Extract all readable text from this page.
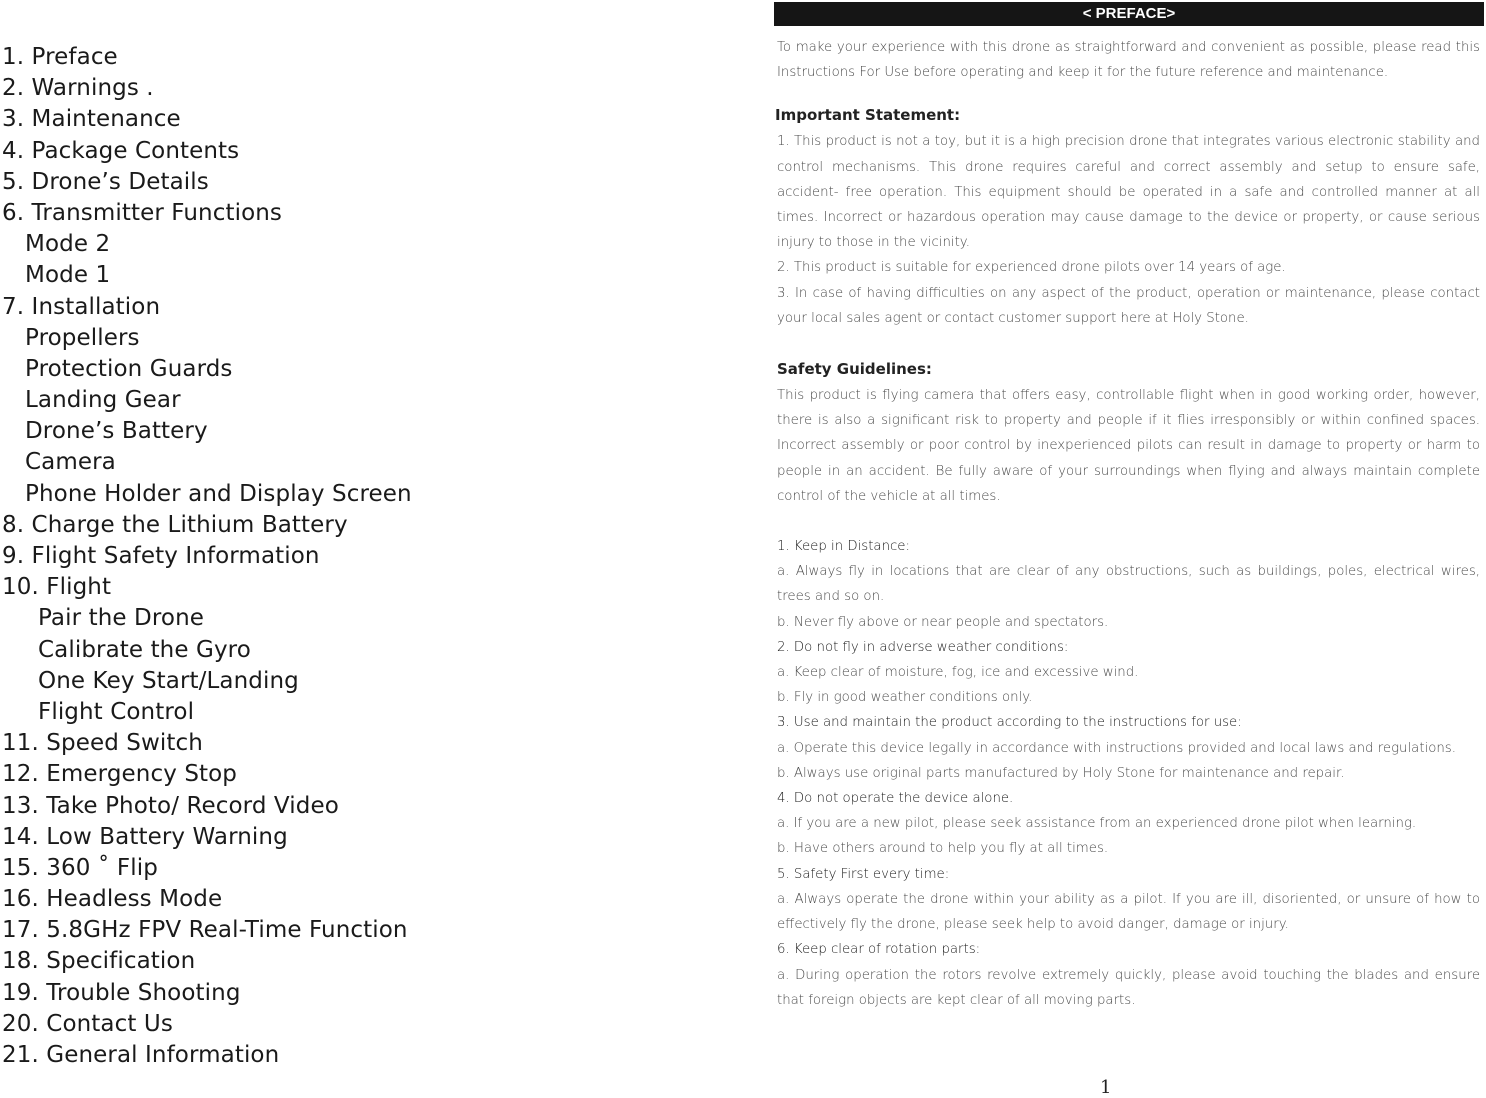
1. Preface
2. Warnings .
3. Maintenance
4. Package Contents
5. Drone’s Details
6. Transmitter Functions
Mode 2
Mode 1
7. Installation
Propellers
Protection Guards
Landing Gear
Drone’s Battery
Camera
Phone Holder and Display Screen
8. Charge the Lithium Battery
9. Flight Safety Information
10. Flight
Pair the Drone
Calibrate the Gyro
One Key Start/Landing
Flight Control
11. Speed Switch
12. Emergency Stop
13. Take Photo/ Record Video
14. Low Battery Warning
15. 360 ˚ Flip
16. Headless Mode
17. 5.8GHz FPV Real-Time Function
18. Specification
19. Trouble Shooting
20. Contact Us
21. General Information
< PREFACE>

To make your experience with this drone as straightforward and convenient as possible, please read this Instructions For Use before operating and keep it for the future reference and maintenance.

Important Statement:

1. This product is not a toy, but it is a high precision drone that integrates various electronic stability and control mechanisms. This drone requires careful and correct assembly and setup to ensure safe, accident- free operation. This equipment should be operated in a safe and controlled manner at all times. Incorrect or hazardous operation may cause damage to the device or property, or cause serious injury to those in the vicinity.

2. This product is suitable for experienced drone pilots over 14 years of age.

3. In case of having difficulties on any aspect of the product, operation or maintenance, please contact your local sales agent or contact customer support here at Holy Stone.

Safety Guidelines:

This product is flying camera that offers easy, controllable flight when in good working order, however, there is also a significant risk to property and people if it flies irresponsibly or within confined spaces. Incorrect assembly or poor control by inexperienced pilots can result in damage to property or harm to people in an accident. Be fully aware of your surroundings when flying and always maintain complete control of the vehicle at all times.

1. Keep in Distance:

a. Always fly in locations that are clear of any obstructions, such as buildings, poles, electrical wires, trees and so on.

b. Never fly above or near people and spectators.

2. Do not fly in adverse weather conditions:

a. Keep clear of moisture, fog, ice and excessive wind.

b. Fly in good weather conditions only.

3. Use and maintain the product according to the instructions for use:

a. Operate this device legally in accordance with instructions provided and local laws and regulations.

b. Always use original parts manufactured by Holy Stone for maintenance and repair.

4. Do not operate the device alone.

a. If you are a new pilot, please seek assistance from an experienced drone pilot when learning.

b. Have others around to help you fly at all times.

5. Safety First every time:

a. Always operate the drone within your ability as a pilot. If you are ill, disoriented, or unsure of how to effectively fly the drone, please seek help to avoid danger, damage or injury.

6. Keep clear of rotation parts:

a. During operation the rotors revolve extremely quickly, please avoid touching the blades and ensure that foreign objects are kept clear of all moving parts.

1
